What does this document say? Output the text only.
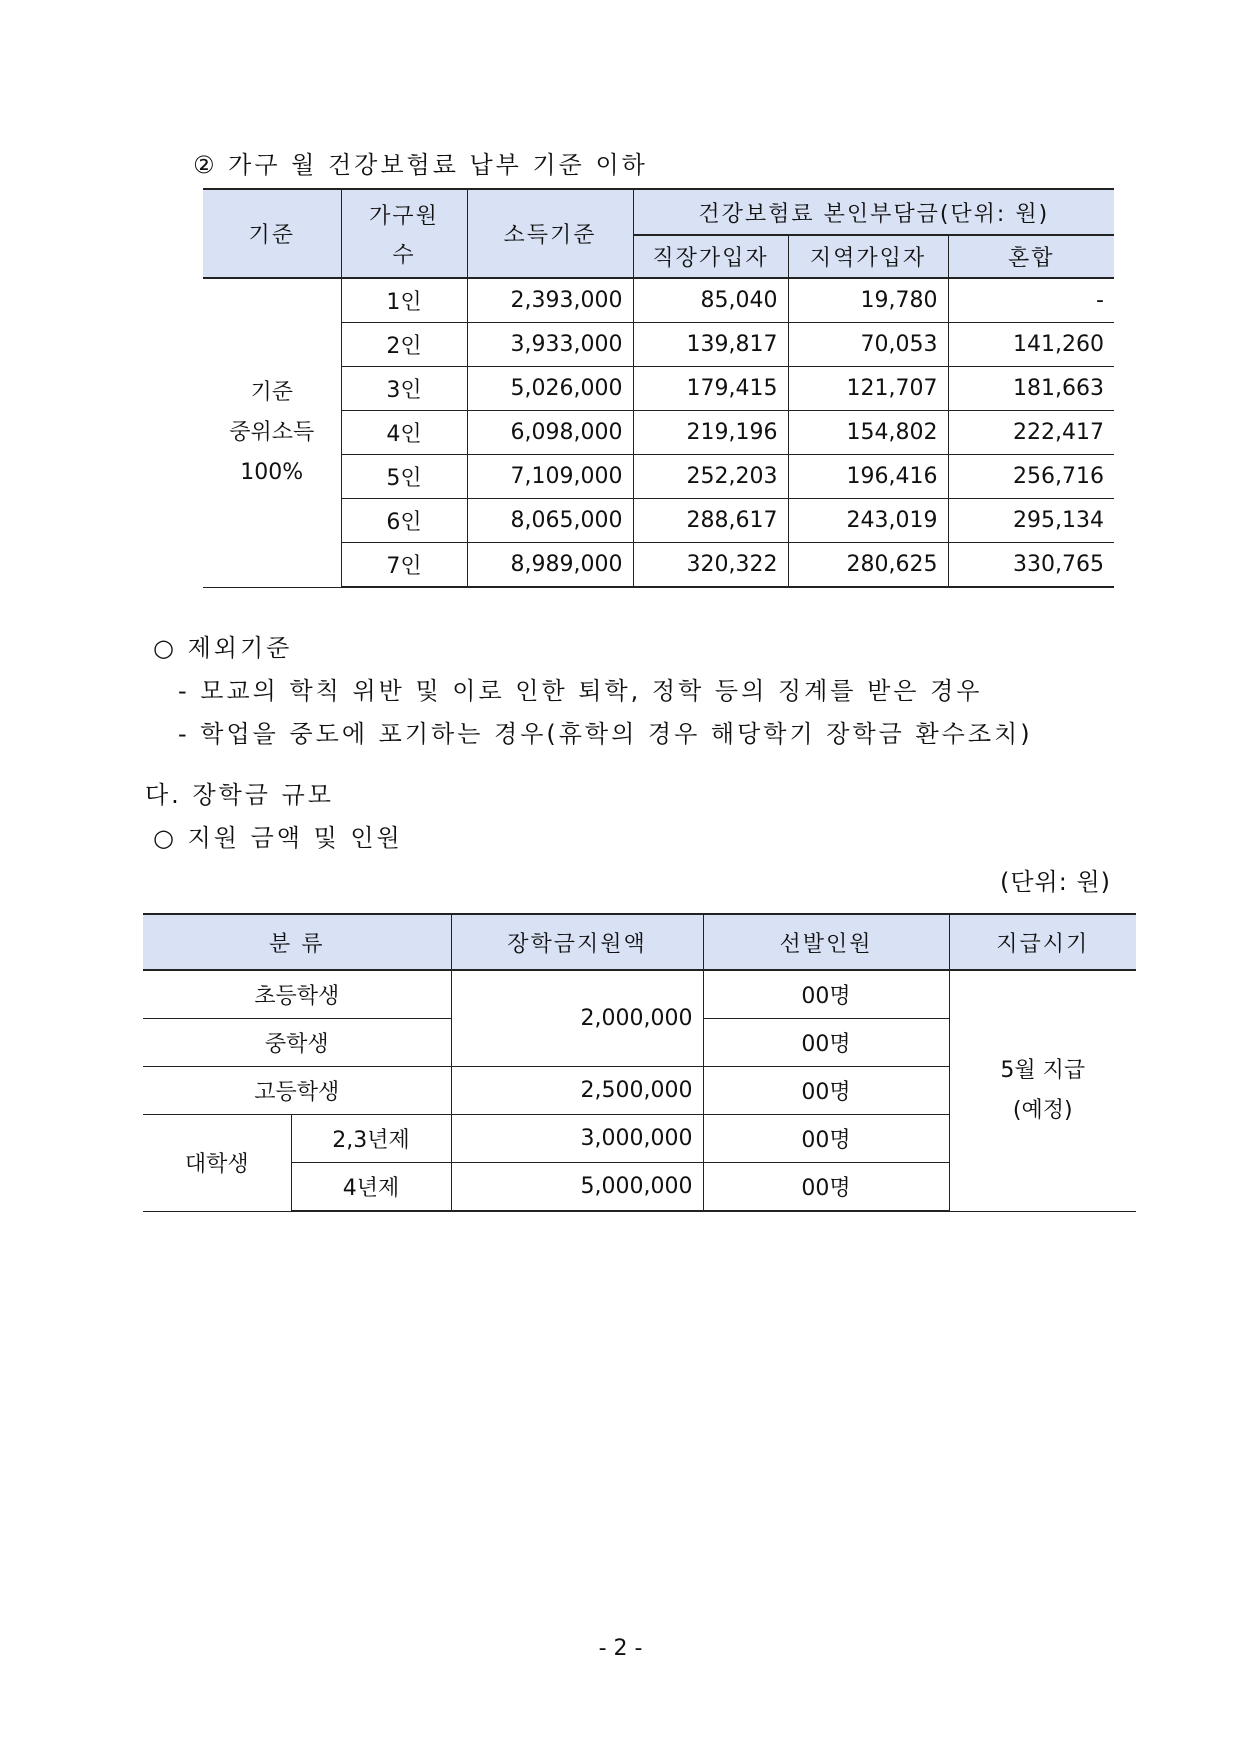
② 가구 월 건강보험료 납부 기준 이하
기준	가구원
수	소득기준	건강보험료 본인부담금(단위: 원)		
			직장가입자	지역가입자	혼합

기준
중위소득
100%	1인	2,393,000	85,040	19,780	-
	2인	3,933,000	139,817	70,053	141,260
	3인	5,026,000	179,415	121,707	181,663
	4인	6,098,000	219,196	154,802	222,417
	5인	7,109,000	252,203	196,416	256,716
	6인	8,065,000	288,617	243,019	295,134
	7인	8,989,000	320,322	280,625	330,765
○ 제외기준
- 모교의 학칙 위반 및 이로 인한 퇴학, 정학 등의 징계를 받은 경우
- 학업을 중도에 포기하는 경우(휴학의 경우 해당학기 장학금 환수조치)
다. 장학금 규모
○ 지원 금액 및 인원
(단위: 원)
분 류		장학금지원액	선발인원	지급시기
초등학생		2,000,000	00명	5월 지급
(예정)

중학생			00명	
고등학생		2,500,000	00명	
대학생	2,3년제	3,000,000	00명	
	4년제	5,000,000	00명	
- 2 -
